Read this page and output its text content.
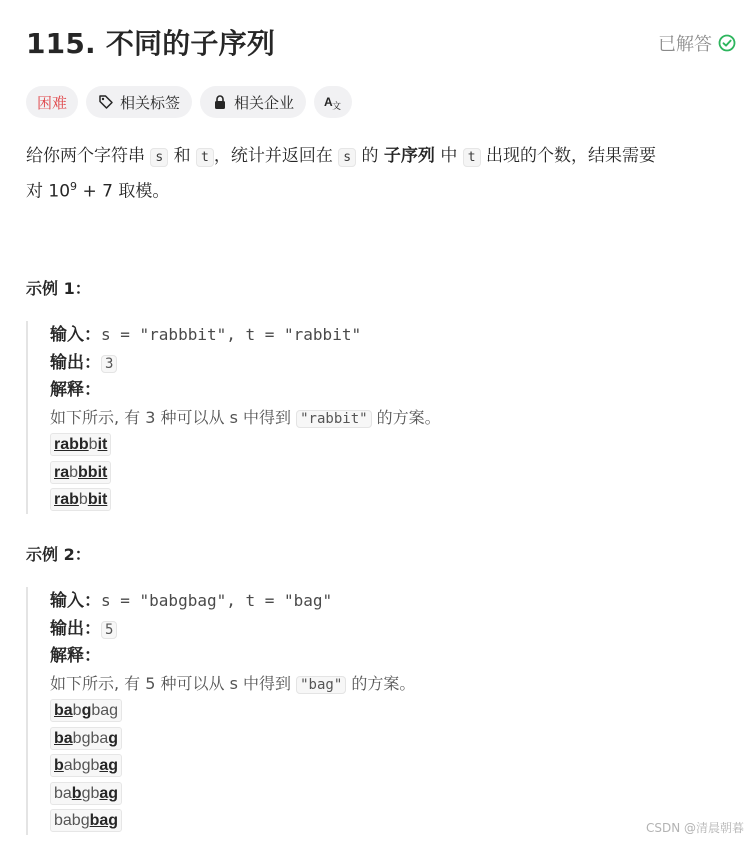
115. 不同的子序列	已解答
困难	相关标签	相关企业	A 文
给你两个字符串 s 和 t ，统计并返回在 s 的 子序列 中 t 出现的个数，结果需要
对 $10^9 + 7$ 取模。
示例 1：
输入：s = "rabbbit", t = "rabbit"
输出： 3
解释：
如下所示, 有 3 种可以从 s 中得到 "rabbit" 的方案。
rabbbit
rabbbit
rabbbit
示例 2：
输入：s = "babgbag", t = "bag"
输出： 5
解释：
如下所示, 有 5 种可以从 s 中得到 "bag" 的方案。
babgbag
babgbag
babgbag
babgbag
babgbag	CSDN @清晨朝暮
